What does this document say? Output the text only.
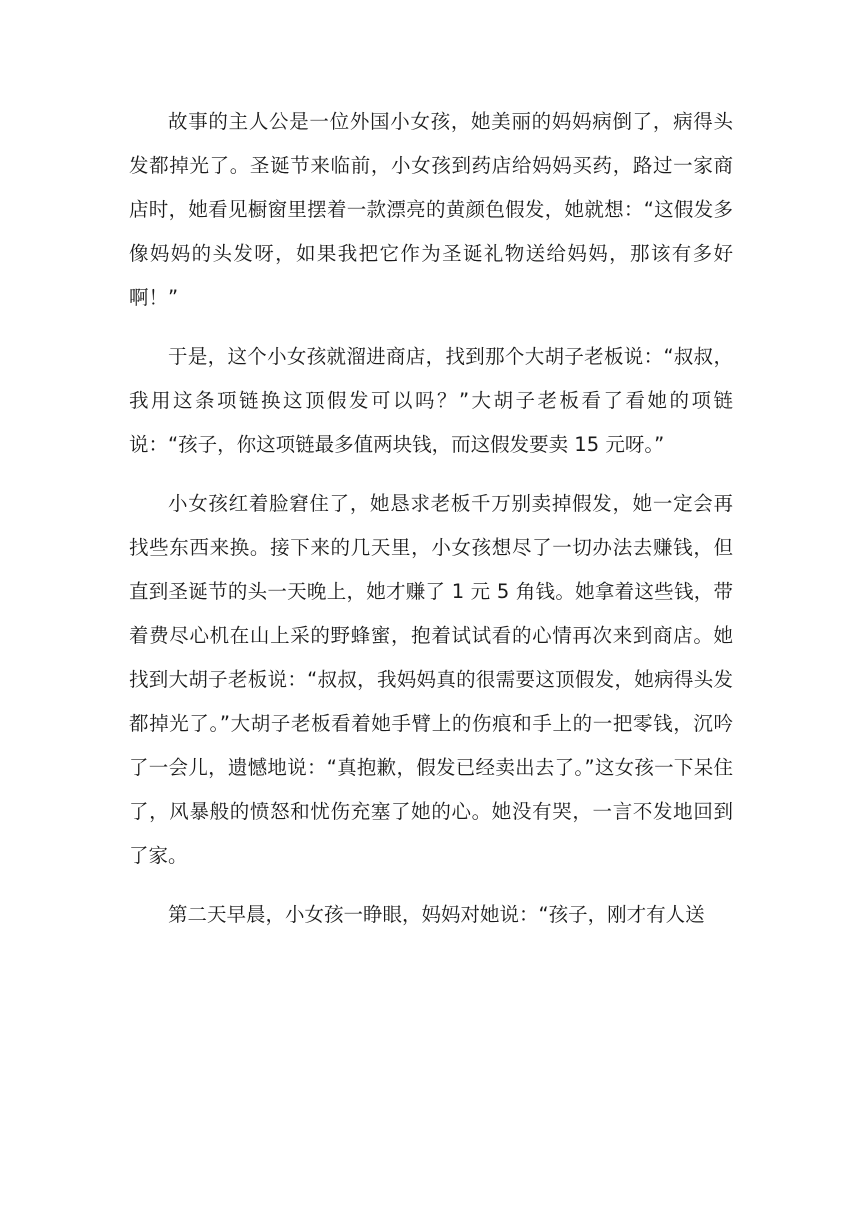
故事的主人公是一位外国小女孩，她美丽的妈妈病倒了，病得头发都掉光了。圣诞节来临前，小女孩到药店给妈妈买药，路过一家商店时，她看见橱窗里摆着一款漂亮的黄颜色假发，她就想：“这假发多像妈妈的头发呀，如果我把它作为圣诞礼物送给妈妈，那该有多好啊！”

于是，这个小女孩就溜进商店，找到那个大胡子老板说：“叔叔，我用这条项链换这顶假发可以吗？”大胡子老板看了看她的项链说：“孩子，你这项链最多值两块钱，而这假发要卖 15 元呀。”

小女孩红着脸窘住了，她恳求老板千万别卖掉假发，她一定会再找些东西来换。接下来的几天里，小女孩想尽了一切办法去赚钱，但直到圣诞节的头一天晚上，她才赚了 1 元 5 角钱。她拿着这些钱，带着费尽心机在山上采的野蜂蜜，抱着试试看的心情再次来到商店。她找到大胡子老板说：“叔叔，我妈妈真的很需要这顶假发，她病得头发都掉光了。”大胡子老板看着她手臂上的伤痕和手上的一把零钱，沉吟了一会儿，遗憾地说：“真抱歉，假发已经卖出去了。”这女孩一下呆住了，风暴般的愤怒和忧伤充塞了她的心。她没有哭，一言不发地回到了家。

第二天早晨，小女孩一睁眼，妈妈对她说：“孩子，刚才有人送
